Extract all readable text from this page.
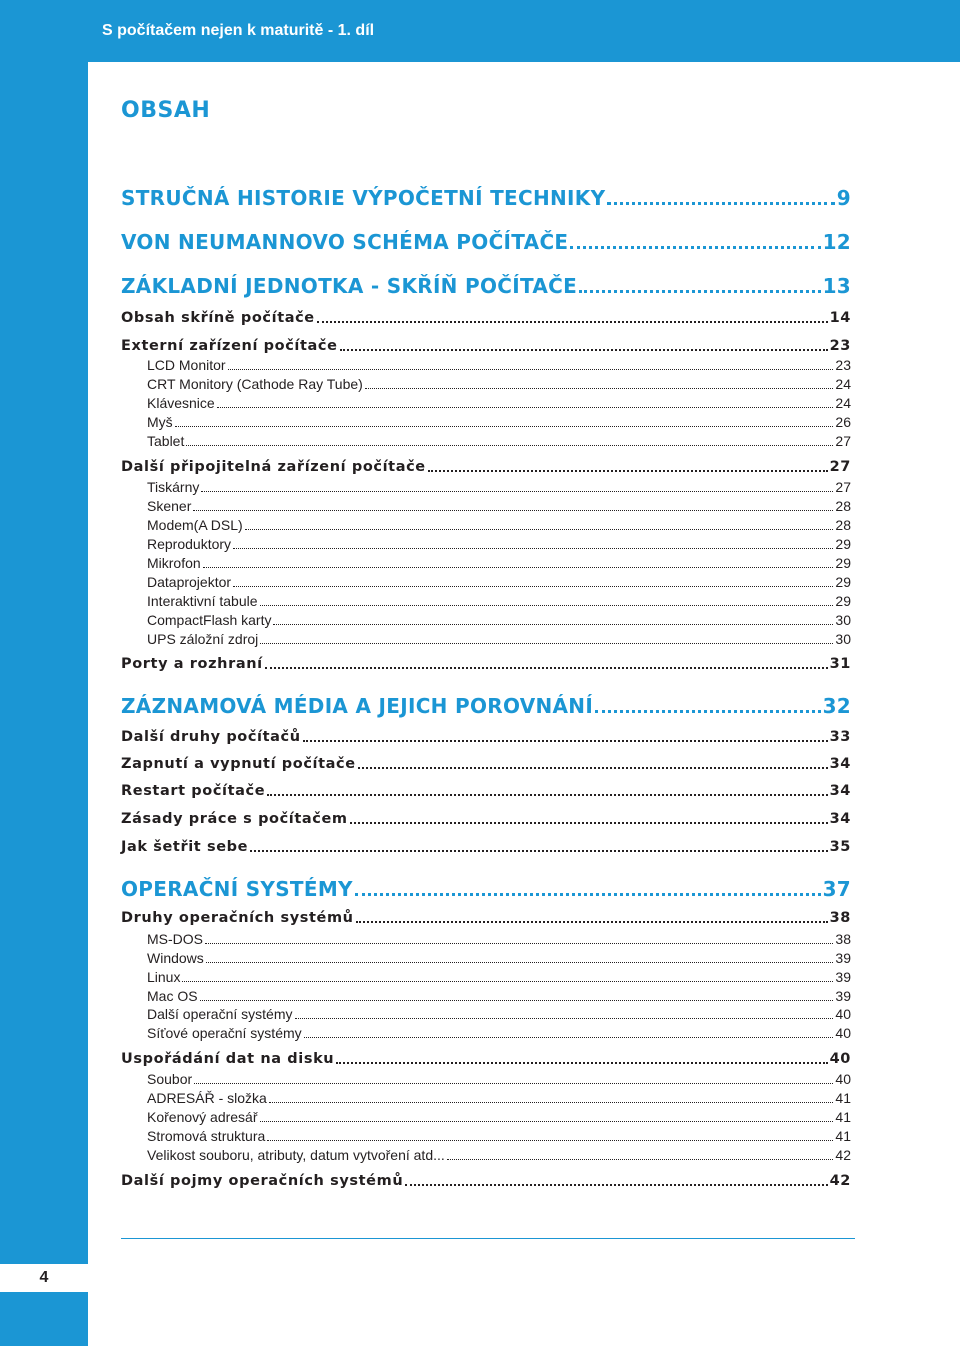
S počítačem nejen k maturitě - 1. díl
4
OBSAH
STRUČNÁ HISTORIE VÝPOČETNÍ TECHNIKY	9
VON NEUMANNOVO SCHÉMA POČÍTAČE	12
ZÁKLADNÍ JEDNOTKA - SKŘÍŇ POČÍTAČE	13
Obsah skříně počítače	14
Externí zařízení počítače	23
LCD Monitor	23
CRT Monitory (Cathode Ray Tube)	24
Klávesnice	24
Myš	26
Tablet	27
Další připojitelná zařízení počítače	27
Tiskárny	27
Skener	28
Modem(A DSL)	28
Reproduktory	29
Mikrofon	29
Dataprojektor	29
Interaktivní tabule	29
CompactFlash karty	30
UPS záložní zdroj	30
Porty a rozhraní	31
ZÁZNAMOVÁ MÉDIA A JEJICH POROVNÁNÍ	32
Další druhy počítačů	33
Zapnutí a vypnutí počítače	34
Restart počítače	34
Zásady práce s počítačem	34
Jak šetřit sebe	35
OPERAČNÍ SYSTÉMY	37
Druhy operačních systémů	38
MS-DOS	38
Windows	39
Linux	39
Mac OS	39
Další operační systémy	40
Síťové operační systémy	40
Uspořádání dat na disku	40
Soubor	40
ADRESÁŘ - složka	41
Kořenový adresář	41
Stromová struktura	41
Velikost souboru, atributy, datum vytvoření atd...	42
Další pojmy operačních systémů	42
